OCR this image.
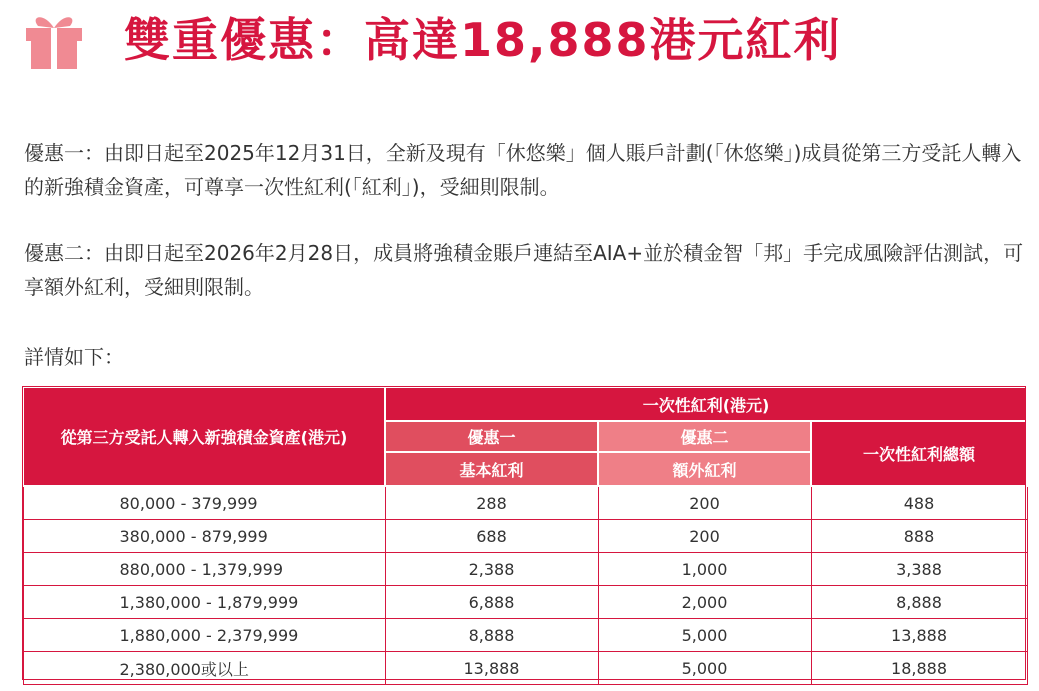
雙重優惠：高達18,888港元紅利
優惠一：由即日起至2025年12月31日，全新及現有「休悠樂」個人賬戶計劃(「休悠樂」)成員從第三方受託人轉入的新強積金資產，可尊享一次性紅利(「紅利」)，受細則限制。
優惠二：由即日起至2026年2月28日，成員將強積金賬戶連結至AIA+並於積金智「邦」手完成風險評估測試，可享額外紅利，受細則限制。
詳情如下：
從第三方受託人轉入新強積金資產(港元)	一次性紅利(港元)		
	優惠一	優惠二	一次性紅利總額
	基本紅利	額外紅利	
80,000 - 379,999	288	200	488
380,000 - 879,999	688	200	888
880,000 - 1,379,999	2,388	1,000	3,388
1,380,000 - 1,879,999	6,888	2,000	8,888
1,880,000 - 2,379,999	8,888	5,000	13,888
2,380,000或以上	13,888	5,000	18,888
